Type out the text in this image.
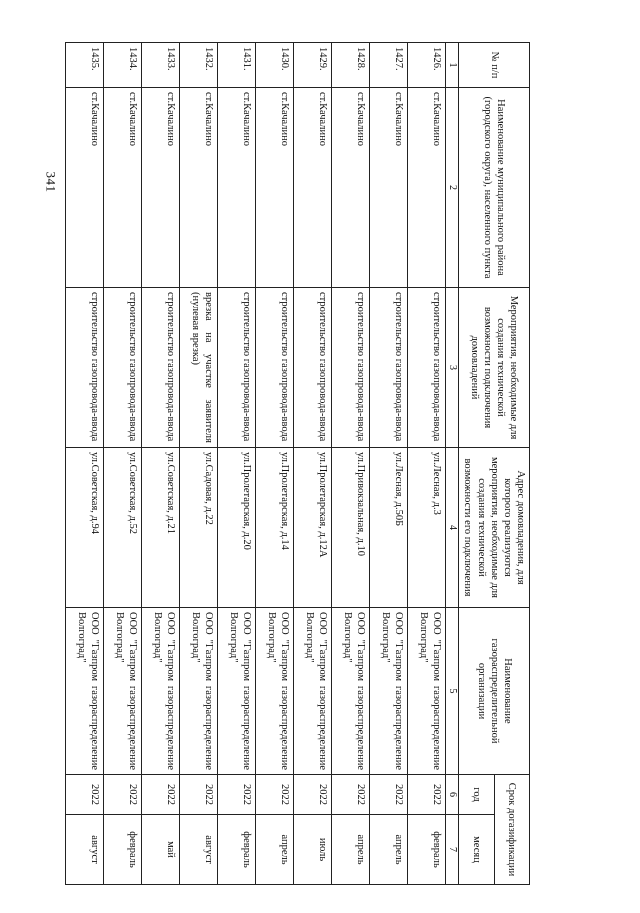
341
№ п/п	Наименование муниципального района (городского округа), населенного пункта	Мероприятия, необходимые для создания технической возможности подключения домовладений	Адрес домовладения, для которого реализуются мероприятия, необходимые для создания технической возможности его подключения	Наименование газораспределительной организации	Срок догазификации	
					год	месяц
1	2	3	4	5	6	7
1426.	ст.Качалино	строительство газопровода-ввода	ул.Лесная, д.3	ООО "Газпром газораспределение Волгоград"	2022	февраль
1427.	ст.Качалино	строительство газопровода-ввода	ул.Лесная, д.50Б	ООО "Газпром газораспределение Волгоград"	2022	апрель
1428.	ст.Качалино	строительство газопровода-ввода	ул.Привокзальная, д.10	ООО "Газпром газораспределение Волгоград"	2022	апрель
1429.	ст.Качалино	строительство газопровода-ввода	ул.Пролетарская, д.12А	ООО "Газпром газораспределение Волгоград"	2022	июль
1430.	ст.Качалино	строительство газопровода-ввода	ул.Пролетарская, д.14	ООО "Газпром газораспределение Волгоград"	2022	апрель
1431.	ст.Качалино	строительство газопровода-ввода	ул.Пролетарская, д.20	ООО "Газпром газораспределение Волгоград"	2022	февраль
1432.	ст.Качалино	врезка на участке заявителя (нулевая врезка)	ул.Садовая, д.22	ООО "Газпром газораспределение Волгоград"	2022	август
1433.	ст.Качалино	строительство газопровода-ввода	ул.Советская, д.21	ООО "Газпром газораспределение Волгоград"	2022	май
1434.	ст.Качалино	строительство газопровода-ввода	ул.Советская, д.52	ООО "Газпром газораспределение Волгоград"	2022	февраль
1435.	ст.Качалино	строительство газопровода-ввода	ул.Советская, д.94	ООО "Газпром газораспределение Волгоград"	2022	август
